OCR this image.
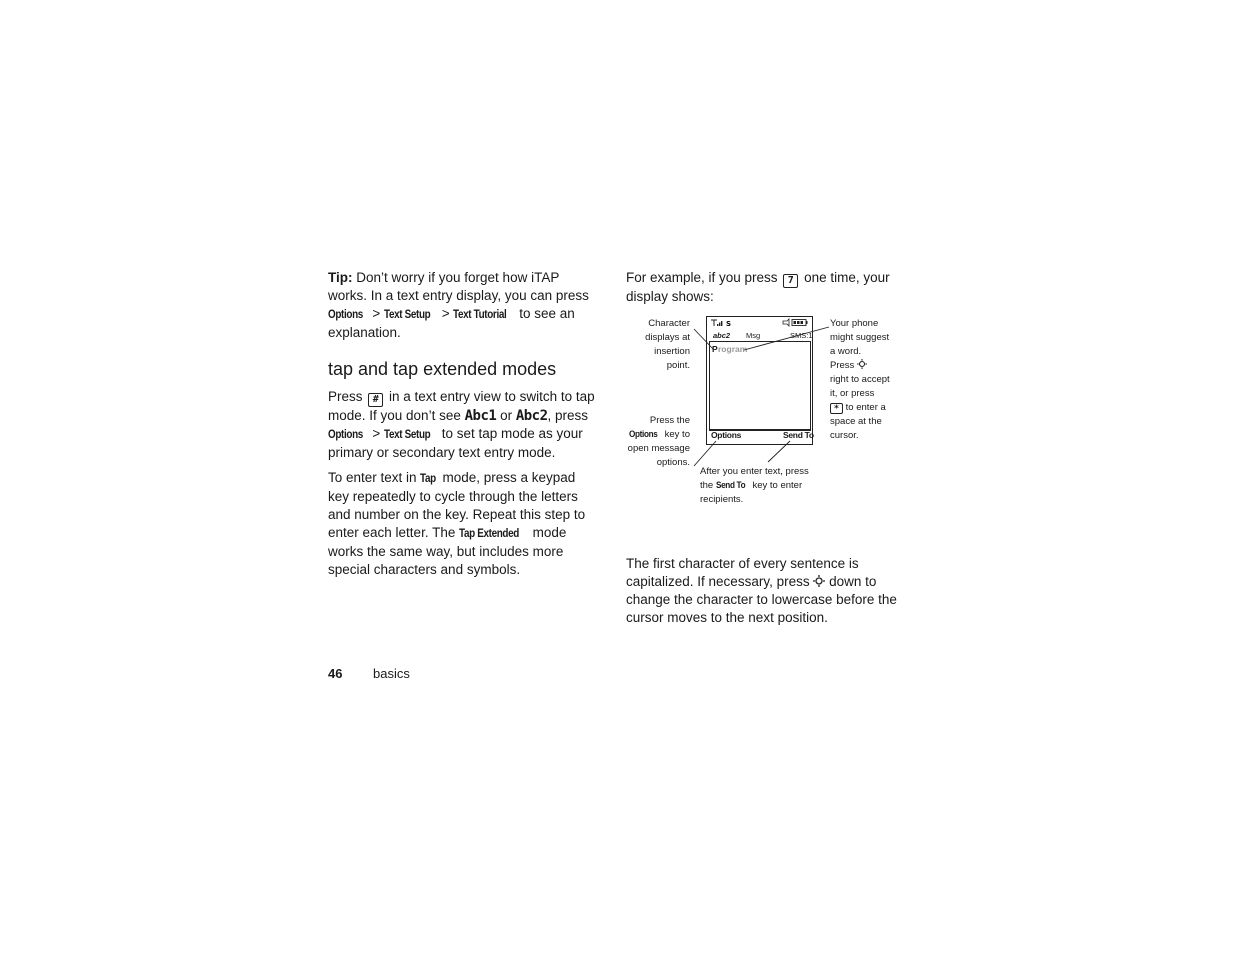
Tip: Don’t worry if you forget how iTAP works. In a text entry display, you can press Options > Text Setup > Text Tutorial to see an explanation.

tap and tap extended modes

Press # in a text entry view to switch to tap mode. If you don’t see Abc1 or Abc2, press Options > Text Setup to set tap mode as your primary or secondary text entry mode.

To enter text in Tap mode, press a keypad key repeatedly to cycle through the letters and number on the key. Repeat this step to enter each letter. The Tap Extended mode works the same way, but includes more special characters and symbols.

For example, if you press 7 one time, your display shows:

The first character of every sentence is capitalized. If necessary, press  down to change the character to lowercase before the cursor moves to the next position.

S
abc2 Msg	SMS:1
P rogram
Options	Send To
Character
displays at
insertion
point.
Press the
Options key to
open message
options.
Your phone
might suggest
a word.
Press
right to accept
it, or press
* to enter a
space at the
cursor.
After you enter text, press
the Send To key to enter
recipients.
46 basics
